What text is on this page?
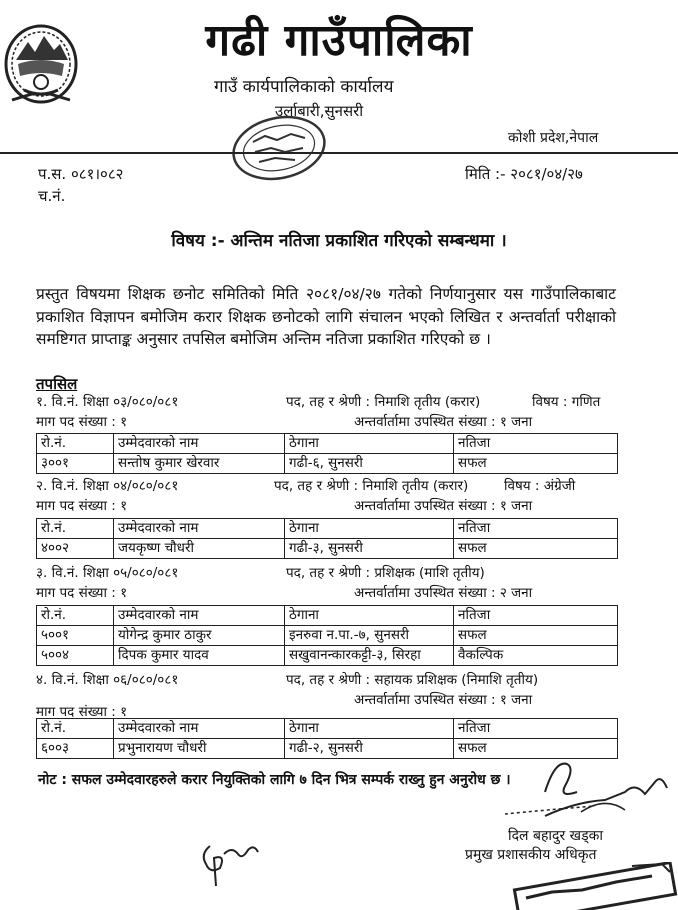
गढी गाउँपालिका
गाउँ कार्यपालिकाको कार्यालय
उर्लाबारी,सुनसरी
कोशी प्रदेश,नेपाल
प.स. ०८१।०८२	मिति :- २०८१/०४/२७
च.नं.
विषय :- अन्तिम नतिजा प्रकाशित गरिएको सम्बन्धमा ।
प्रस्तुत विषयमा शिक्षक छनोट समितिको मिति २०८१/०४/२७ गतेको निर्णयानुसार यस गाउँपालिकाबाट प्रकाशित विज्ञापन बमोजिम करार शिक्षक छनोटको लागि संचालन भएको लिखित र अन्तर्वार्ता परीक्षाको समष्टिगत प्राप्ताङ्क अनुसार तपसिल बमोजिम अन्तिम नतिजा प्रकाशित गरिएको छ ।
तपसिल
१. वि.नं. शिक्षा ०३/०८०/०८१	पद, तह र श्रेणी : निमाशि तृतीय (करार)	विषय : गणित
माग पद संख्या : १	अन्तर्वार्तामा उपस्थित संख्या : १ जना
रो.नं.	उम्मेदवारको नाम	ठेगाना	नतिजा
३००१	सन्तोष कुमार खेरवार	गढी-६, सुनसरी	सफल
२. वि.नं. शिक्षा ०४/०८०/०८१	पद, तह र श्रेणी : निमाशि तृतीय (करार)	विषय : अंग्रेजी
माग पद संख्या : १	अन्तर्वार्तामा उपस्थित संख्या : १ जना
रो.नं.	उम्मेदवारको नाम	ठेगाना	नतिजा
४००२	जयकृष्ण चौधरी	गढी-३, सुनसरी	सफल
३. वि.नं. शिक्षा ०५/०८०/०८१	पद, तह र श्रेणी : प्रशिक्षक (माशि तृतीय)
माग पद संख्या : १	अन्तर्वार्तामा उपस्थित संख्या : २ जना
रो.नं.	उम्मेदवारको नाम	ठेगाना	नतिजा
५००१	योगेन्द्र कुमार ठाकुर	इनरुवा न.पा.-७, सुनसरी	सफल
५००४	दिपक कुमार यादव	सखुवानन्कारकट्टी-३, सिरहा	वैकल्पिक
४. वि.नं. शिक्षा ०६/०८०/०८१	पद, तह र श्रेणी : सहायक प्रशिक्षक (निमाशि तृतीय)
अन्तर्वार्तामा उपस्थित संख्या : १ जना
माग पद संख्या : १
रो.नं.	उम्मेदवारको नाम	ठेगाना	नतिजा
६००३	प्रभुनारायण चौधरी	गढी-२, सुनसरी	सफल
नोट : सफल उम्मेदवारहरुले करार नियुक्तिको लागि ७ दिन भित्र सम्पर्क राख्नु हुन अनुरोध छ ।
दिल बहादुर खड्का
प्रमुख प्रशासकीय अधिकृत
